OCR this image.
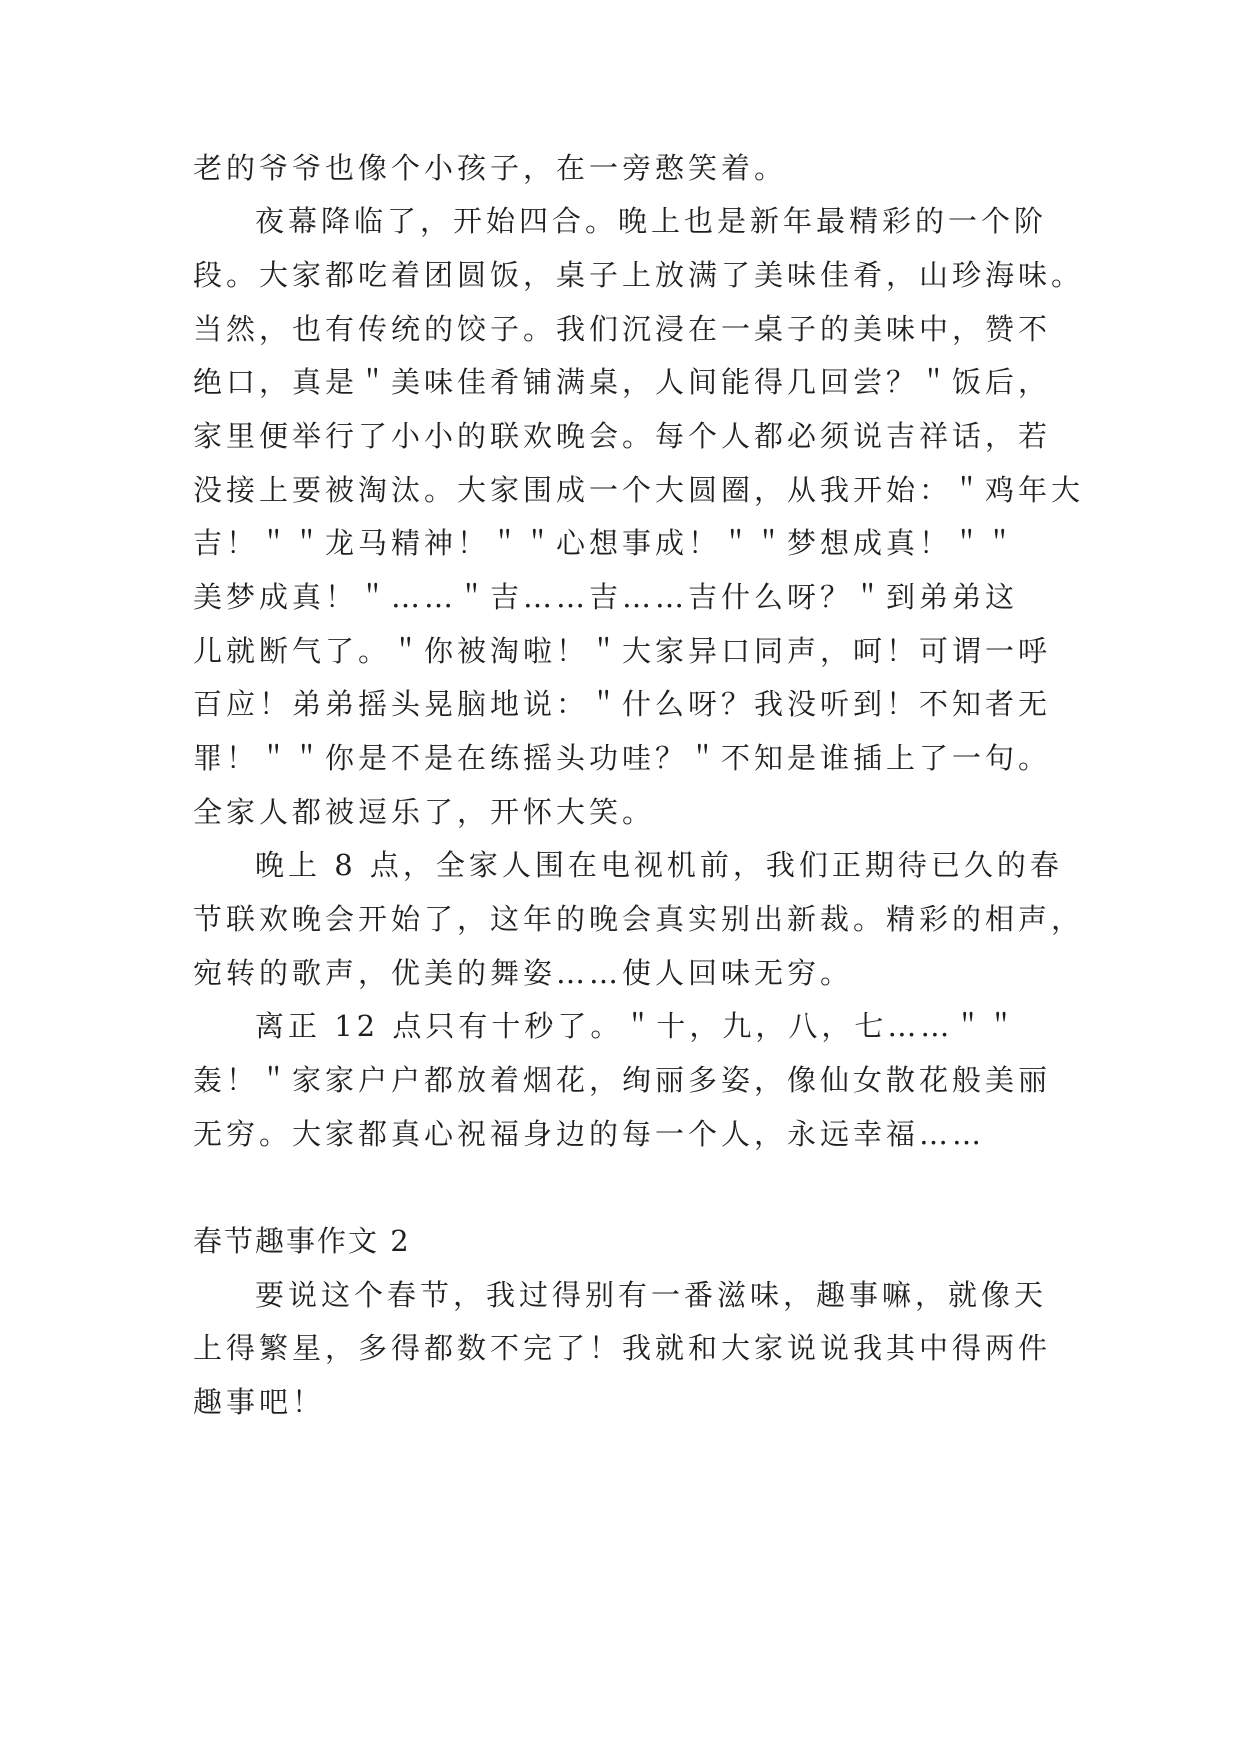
老的爷爷也像个小孩子，在一旁憨笑着。

夜幕降临了，开始四合。晚上也是新年最精彩的一个阶

段。大家都吃着团圆饭，桌子上放满了美味佳肴，山珍海味。

当然，也有传统的饺子。我们沉浸在一桌子的美味中，赞不

绝口，真是＂美味佳肴铺满桌，人间能得几回尝？＂饭后，

家里便举行了小小的联欢晚会。每个人都必须说吉祥话，若

没接上要被淘汰。大家围成一个大圆圈，从我开始：＂鸡年大

吉！＂＂龙马精神！＂＂心想事成！＂＂梦想成真！＂＂

美梦成真！＂……＂吉……吉……吉什么呀？＂到弟弟这

儿就断气了。＂你被淘啦！＂大家异口同声，呵！可谓一呼

百应！弟弟摇头晃脑地说：＂什么呀？我没听到！不知者无

罪！＂＂你是不是在练摇头功哇？＂不知是谁插上了一句。

全家人都被逗乐了，开怀大笑。

晚上 8 点，全家人围在电视机前，我们正期待已久的春

节联欢晚会开始了，这年的晚会真实别出新裁。精彩的相声，

宛转的歌声，优美的舞姿……使人回味无穷。

离正 12 点只有十秒了。＂十，九，八，七……＂＂

轰！＂家家户户都放着烟花，绚丽多姿，像仙女散花般美丽

无穷。大家都真心祝福身边的每一个人，永远幸福……

春节趣事作文 2

要说这个春节，我过得别有一番滋味，趣事嘛，就像天

上得繁星，多得都数不完了！我就和大家说说我其中得两件

趣事吧！
